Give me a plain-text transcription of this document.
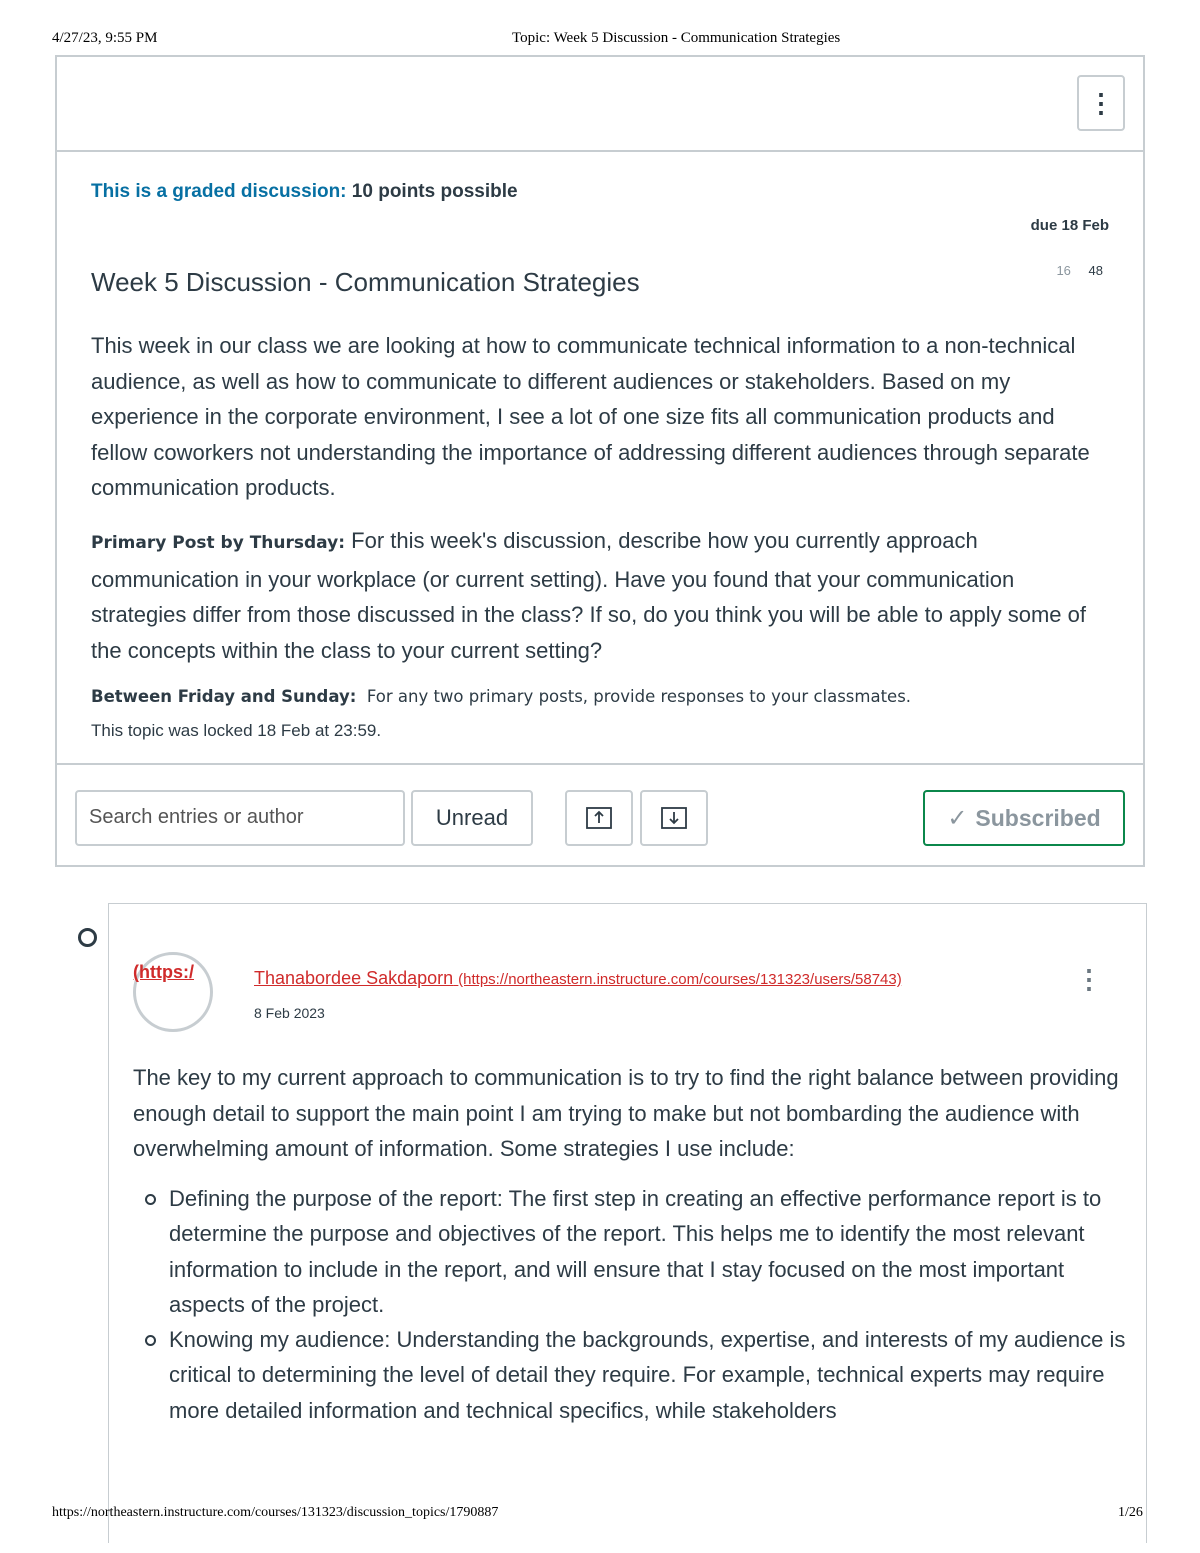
4/27/23, 9:55 PM	Topic: Week 5 Discussion - Communication Strategies
⋮
This is a graded discussion: 10 points possible
due 18 Feb
16 48
Week 5 Discussion - Communication Strategies
This week in our class we are looking at how to communicate technical information to a non-technical audience, as well as how to communicate to different audiences or stakeholders. Based on my experience in the corporate environment, I see a lot of one size fits all communication products and fellow coworkers not understanding the importance of addressing different audiences through separate communication products.
Primary Post by Thursday: For this week's discussion, describe how you currently approach communication in your workplace (or current setting). Have you found that your communication strategies differ from those discussed in the class? If so, do you think you will be able to apply some of the concepts within the class to your current setting?
Between Friday and Sunday: For any two primary posts, provide responses to your classmates.
This topic was locked 18 Feb at 23:59.
Search entries or author	Unread	✓ Subscribed
(https:/	Thanabordee Sakdaporn (https://northeastern.instructure.com/courses/131323/users/58743)	⋮
8 Feb 2023
The key to my current approach to communication is to try to find the right balance between providing enough detail to support the main point I am trying to make but not bombarding the audience with overwhelming amount of information. Some strategies I use include:
Defining the purpose of the report: The first step in creating an effective performance report is to determine the purpose and objectives of the report. This helps me to identify the most relevant information to include in the report, and will ensure that I stay focused on the most important aspects of the project.
Knowing my audience: Understanding the backgrounds, expertise, and interests of my audience is critical to determining the level of detail they require. For example, technical experts may require more detailed information and technical specifics, while stakeholders
https://northeastern.instructure.com/courses/131323/discussion_topics/1790887	1/26
